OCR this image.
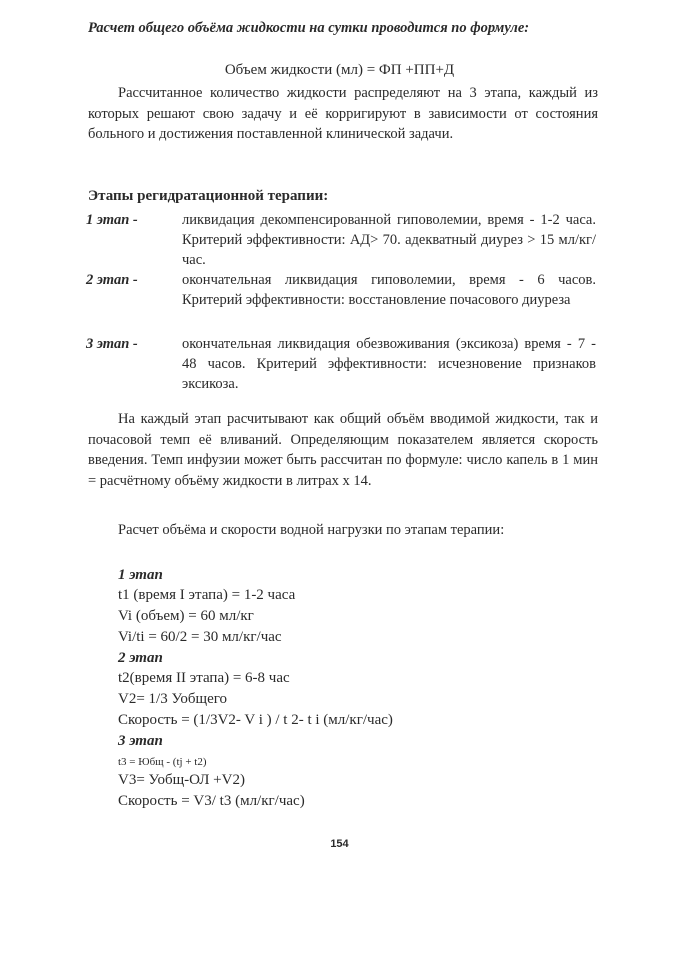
Расчет общего объёма жидкости на сутки проводится по формуле:
Объем жидкости (мл) = ФП +ПП+Д
Рассчитанное количество жидкости распределяют на 3 этапа, каждый из которых решают свою задачу и её корригируют в зависимости от состояния больного и достижения поставленной клинической задачи.
Этапы регидратационной терапии:
1 этап -	ликвидация декомпенсированной гиповолемии, время - 1-2 часа. Критерий эффективности: АД> 70. адекватный диурез > 15 мл/кг/час.
2 этап -	окончательная ликвидация гиповолемии, время - 6 часов. Критерий эффективности: восстановление почасового диуреза
3 этап -	окончательная ликвидация обезвоживания (эксикоза) время - 7 - 48 часов. Критерий эффективности: исчезновение признаков эксикоза.
На каждый этап расчитывают как общий объём вводимой жидкости, так и почасовой темп её вливаний. Определяющим показателем является скорость введения. Темп инфузии может быть рассчитан по формуле: число капель в 1 мин = расчётному объёму жидкости в литрах х 14.
Расчет объёма и скорости водной нагрузки по этапам терапии:
1 этап
t1 (время I этапа) = 1-2 часа
Vi (объем) = 60 мл/кг
Vi/ti = 60/2 = 30 мл/кг/час
2 этап
t2(время II этапа) = 6-8 час
V2= 1/3 Уобщего
Скорость = (1/3V2- V i ) / t 2- t i (мл/кг/час)
3 этап
t3 = Юбщ - (tj + t2)
V3= Уобщ-ОЛ +V2)
Скорость = V3/ t3 (мл/кг/час)
154
